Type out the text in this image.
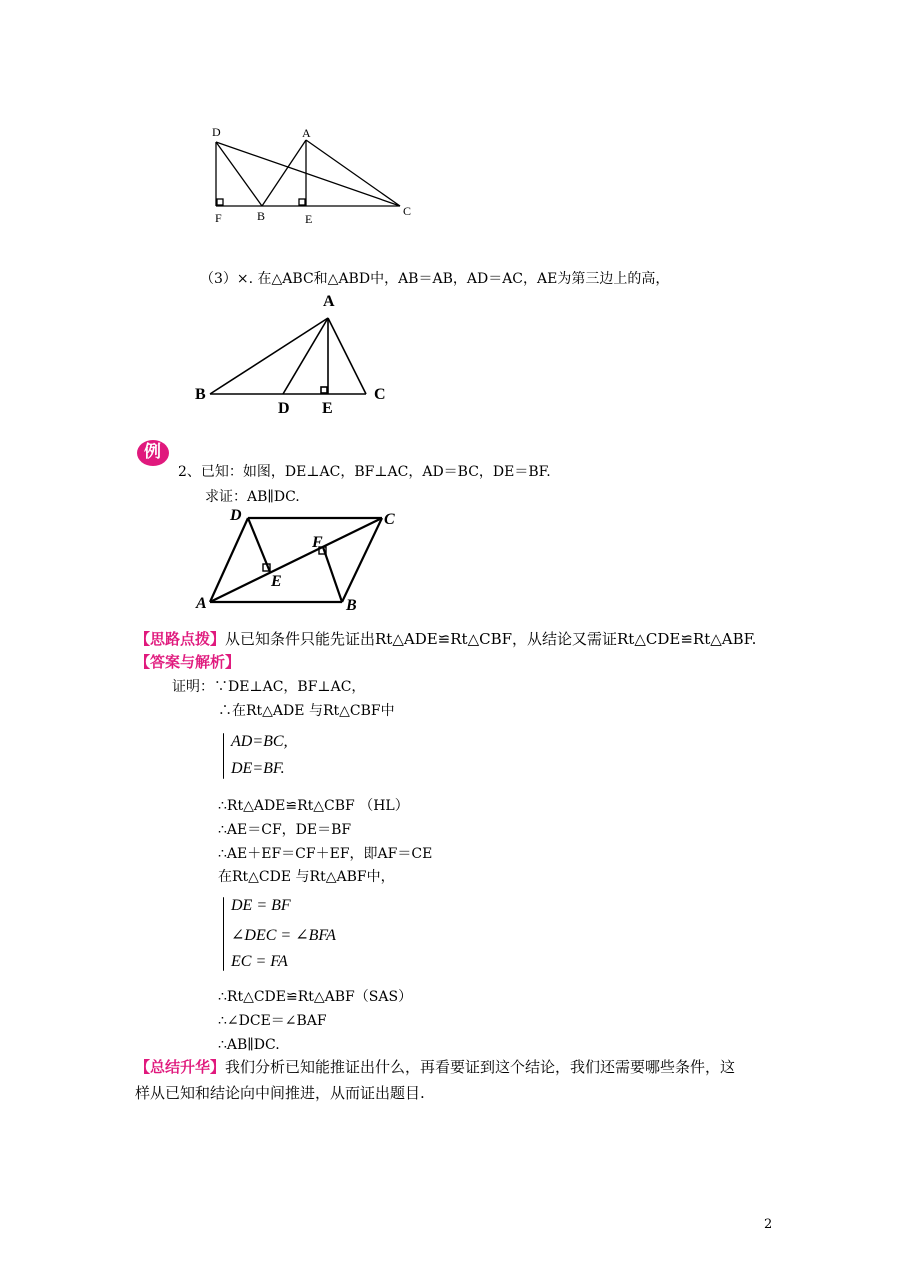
D	A
F	B	E
C
（3）×. 在△ABC和△ABD中，AB＝AB，AD＝AC，AE为第三边上的高，
A
B
D E
C
例
2、已知：如图，DE⊥AC，BF⊥AC，AD＝BC，DE＝BF.
求证：AB∥DC.
D	C
F
E
A	B
【思路点拨】从已知条件只能先证出Rt△ADE≌Rt△CBF，从结论又需证Rt△CDE≌Rt△ABF.
【答案与解析】
证明：∵DE⊥AC，BF⊥AC，
∴在Rt△ADE 与Rt△CBF中
AD=BC,
DE=BF.
∴Rt△ADE≌Rt△CBF （HL）
∴AE＝CF，DE＝BF
∴AE＋EF＝CF＋EF，即AF＝CE
在Rt△CDE 与Rt△ABF中，
DE = BF
∠DEC = ∠BFA
EC = FA
∴Rt△CDE≌Rt△ABF（SAS）
∴∠DCE＝∠BAF
∴AB∥DC.
【总结升华】我们分析已知能推证出什么，再看要证到这个结论，我们还需要哪些条件，这
样从已知和结论向中间推进，从而证出题目.
2
